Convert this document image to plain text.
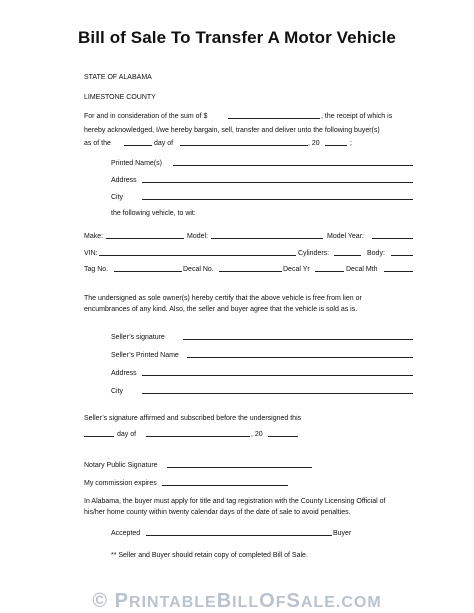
Bill of Sale To Transfer A Motor Vehicle
STATE OF ALABAMA
LIMESTONE COUNTY
For and in consideration of the sum of $	, the receipt of which is
hereby acknowledged, I/we hereby bargain, sell, transfer and deliver unto the following buyer(s)
as of the	day of	, 20	;
Printed Name(s)
Address
City
the following vehicle, to wit:
Make:	Model:	Model Year:
VIN:	Cylinders:	Body:
Tag No.	Decal No.	Decal Yr	Decal Mth
The undersigned as sole owner(s) hereby certify that the above vehicle is free from lien or
encumbrances of any kind. Also, the seller and buyer agree that the vehicle is sold as is.
Seller’s signature
Seller’s Printed Name
Address
City
Seller’s signature affirmed and subscribed before the undersigned this
day of	, 20
Notary Public Signature
My commission expires
In Alabama, the buyer must apply for title and tag registration with the County Licensing Official of
his/her home county within twenty calendar days of the date of sale to avoid penalties.
Accepted	Buyer
** Seller and Buyer should retain copy of completed Bill of Sale.
© PRINTABLEBILLOFSALE.COM
